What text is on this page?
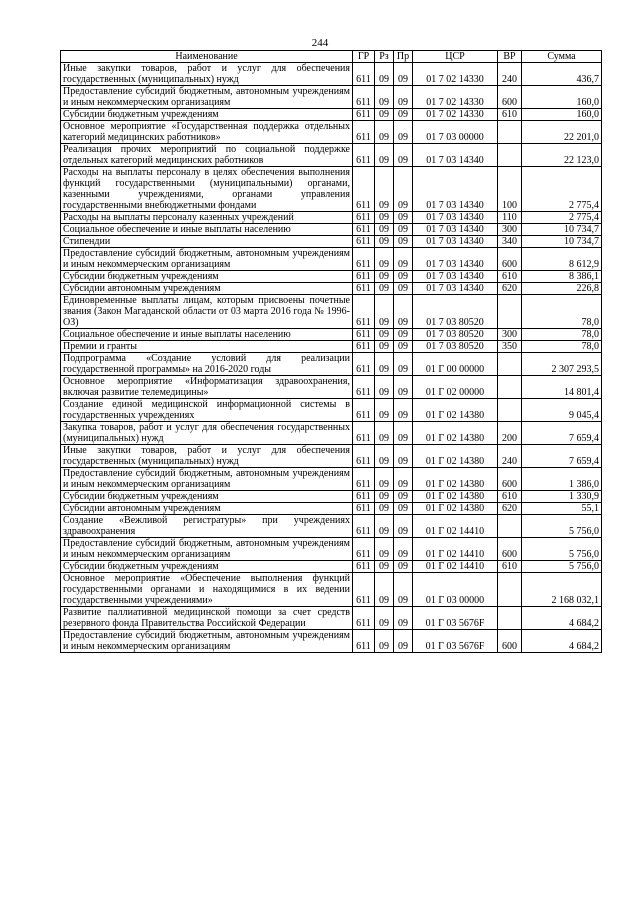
244
Наименование	ГР	Рз	Пр	ЦСР	ВР	Сумма
Иные закупки товаров, работ и услуг для обеспечения государственных (муниципальных) нужд	611	09	09	01 7 02 14330	240	436,7
Предоставление субсидий бюджетным, автономным учреждениям и иным некоммерческим организациям	611	09	09	01 7 02 14330	600	160,0
Субсидии бюджетным учреждениям	611	09	09	01 7 02 14330	610	160,0
Основное мероприятие «Государственная поддержка отдельных категорий медицинских работников»	611	09	09	01 7 03 00000		22 201,0
Реализация прочих мероприятий по социальной поддержке отдельных категорий медицинских работников	611	09	09	01 7 03 14340		22 123,0
Расходы на выплаты персоналу в целях обеспечения выполнения функций государственными (муниципальными) органами, казенными учреждениями, органами управления государственными внебюджетными фондами	611	09	09	01 7 03 14340	100	2 775,4
Расходы на выплаты персоналу казенных учреждений	611	09	09	01 7 03 14340	110	2 775,4
Социальное обеспечение и иные выплаты населению	611	09	09	01 7 03 14340	300	10 734,7
Стипендии	611	09	09	01 7 03 14340	340	10 734,7
Предоставление субсидий бюджетным, автономным учреждениям и иным некоммерческим организациям	611	09	09	01 7 03 14340	600	8 612,9
Субсидии бюджетным учреждениям	611	09	09	01 7 03 14340	610	8 386,1
Субсидии автономным учреждениям	611	09	09	01 7 03 14340	620	226,8
Единовременные выплаты лицам, которым присвоены почетные звания (Закон Магаданской области от 03 марта 2016 года № 1996-ОЗ)	611	09	09	01 7 03 80520		78,0
Социальное обеспечение и иные выплаты населению	611	09	09	01 7 03 80520	300	78,0
Премии и гранты	611	09	09	01 7 03 80520	350	78,0
Подпрограмма «Создание условий для реализации государственной программы» на 2016-2020 годы	611	09	09	01 Г 00 00000		2 307 293,5
Основное мероприятие «Информатизация здравоохранения, включая развитие телемедицины»	611	09	09	01 Г 02 00000		14 801,4
Создание единой медицинской информационной системы в государственных учреждениях	611	09	09	01 Г 02 14380		9 045,4
Закупка товаров, работ и услуг для обеспечения государственных (муниципальных) нужд	611	09	09	01 Г 02 14380	200	7 659,4
Иные закупки товаров, работ и услуг для обеспечения государственных (муниципальных) нужд	611	09	09	01 Г 02 14380	240	7 659,4
Предоставление субсидий бюджетным, автономным учреждениям и иным некоммерческим организациям	611	09	09	01 Г 02 14380	600	1 386,0
Субсидии бюджетным учреждениям	611	09	09	01 Г 02 14380	610	1 330,9
Субсидии автономным учреждениям	611	09	09	01 Г 02 14380	620	55,1
Создание «Вежливой регистратуры» при учреждениях здравоохранения	611	09	09	01 Г 02 14410		5 756,0
Предоставление субсидий бюджетным, автономным учреждениям и иным некоммерческим организациям	611	09	09	01 Г 02 14410	600	5 756,0
Субсидии бюджетным учреждениям	611	09	09	01 Г 02 14410	610	5 756,0
Основное мероприятие «Обеспечение выполнения функций государственными органами и находящимися в их ведении государственными учреждениями»	611	09	09	01 Г 03 00000		2 168 032,1
Развитие паллиативной медицинской помощи за счет средств резервного фонда Правительства Российской Федерации	611	09	09	01 Г 03 5676F		4 684,2
Предоставление субсидий бюджетным, автономным учреждениям и иным некоммерческим организациям	611	09	09	01 Г 03 5676F	600	4 684,2
